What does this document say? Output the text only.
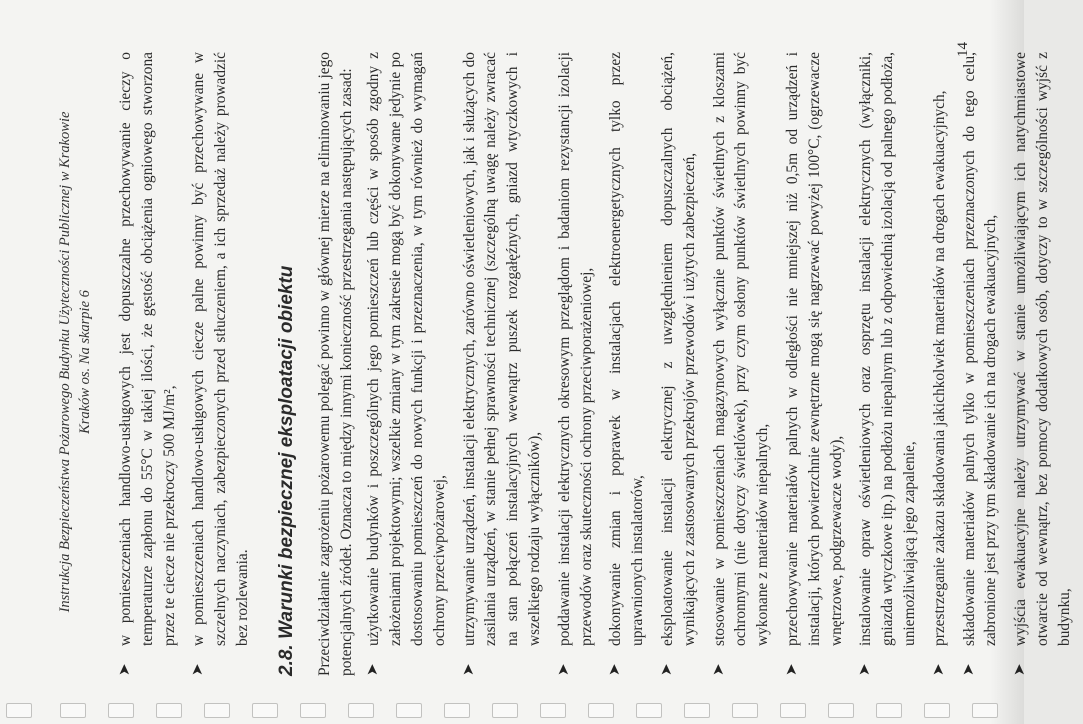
Instrukcja Bezpieczeństwa Pożarowego Budynku Użyteczności Publicznej w Krakowie Kraków os. Na skarpie 6
➤
w pomieszczeniach handlowo-usługowych jest dopuszczalne przechowywanie cieczy o temperaturze zapłonu do 55°C w takiej ilości, że gęstość obciążenia ogniowego stworzona przez te ciecze nie przekroczy 500 MJ/m²,
➤
w pomieszczeniach handlowo-usługowych ciecze palne powinny być przechowywane w szczelnych naczyniach, zabezpieczonych przed stłuczeniem, a ich sprzedaż należy prowadzić bez rozlewania. 2.8. Warunki bezpiecznej eksploatacji obiektu Przeciwdziałanie zagrożeniu pożarowemu polegać powinno w głównej mierze na eliminowaniu jego potencjalnych źródeł. Oznacza to między innymi konieczność przestrzegania następujących zasad: ➤
użytkowanie budynków i poszczególnych jego pomieszczeń lub części w sposób zgodny z założeniami projektowymi; wszelkie zmiany w tym zakresie mogą być dokonywane jedynie po dostosowaniu pomieszczeń do nowych funkcji i przeznaczenia, w tym również do wymagań ochrony przeciwpożarowej,
➤
utrzymywanie urządzeń, instalacji elektrycznych, zarówno oświetleniowych, jak i służących do zasilania urządzeń, w stanie pełnej sprawności technicznej (szczególną uwagę należy zwracać na stan połączeń instalacyjnych wewnątrz puszek rozgałęźnych, gniazd wtyczkowych i wszelkiego rodzaju wyłączników),
➤
poddawanie instalacji elektrycznych okresowym przeglądom i badaniom rezystancji izolacji przewodów oraz skuteczności ochrony przeciwporażeniowej,
➤
dokonywanie zmian i poprawek w instalacjach elektroenergetycznych tylko przez uprawnionych instalatorów,
➤
eksploatowanie instalacji elektrycznej z uwzględnieniem dopuszczalnych obciążeń, wynikających z zastosowanych przekrojów przewodów i użytych zabezpieczeń,
➤
stosowanie w pomieszczeniach magazynowych wyłącznie punktów świetlnych z kloszami ochronnymi (nie dotyczy świetlówek), przy czym osłony punktów świetlnych powinny być wykonane z materiałów niepalnych,
➤
przechowywanie materiałów palnych w odległości nie mniejszej niż 0,5m od urządzeń i instalacji, których powierzchnie zewnętrzne mogą się nagrzewać powyżej 100°C, (ogrzewacze wnętrzowe, podgrzewacze wody),
➤
instalowanie opraw oświetleniowych oraz osprzętu instalacji elektrycznych (wyłączniki, gniazda wtyczkowe itp.) na podłożu niepalnym lub z odpowiednią izolacją od palnego podłoża, uniemożliwiającą jego zapalenie,
➤
przestrzeganie zakazu składowania jakichkolwiek materiałów na drogach ewakuacyjnych,
➤
składowanie materiałów palnych tylko w pomieszczeniach przeznaczonych do tego celu, zabronione jest przy tym składowanie ich na drogach ewakuacyjnych,
➤
wyjścia ewakuacyjne należy utrzymywać w stanie umożliwiającym ich natychmiastowe otwarcie od wewnątrz, bez pomocy dodatkowych osób, dotyczy to w szczególności wyjść z budynku,
14
